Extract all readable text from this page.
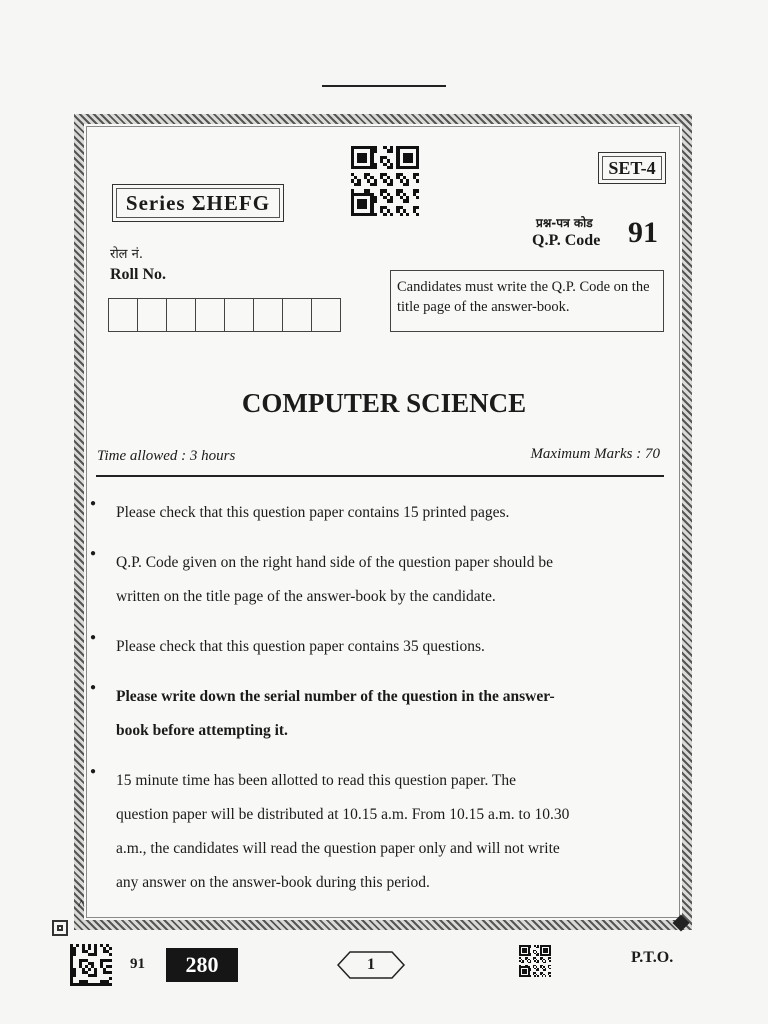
Series ΣHEFG
SET-4
रोल नं.
Roll No.
प्रश्न-पत्र कोड
Q.P. Code 91
Candidates must write the Q.P. Code on the title page of the answer-book.
COMPUTER SCIENCE
Time allowed : 3 hours	Maximum Marks : 70
● Please check that this question paper contains 15 printed pages.
● Q.P. Code given on the right hand side of the question paper should be
written on the title page of the answer-book by the candidate.
● Please check that this question paper contains 35 questions.
● Please write down the serial number of the question in the answer-
book before attempting it.
● 15 minute time has been allotted to read this question paper. The
question paper will be distributed at 10.15 a.m. From 10.15 a.m. to 10.30
a.m., the candidates will read the question paper only and will not write
any answer on the answer-book during this period.
^
91	280	1	P.T.O.
